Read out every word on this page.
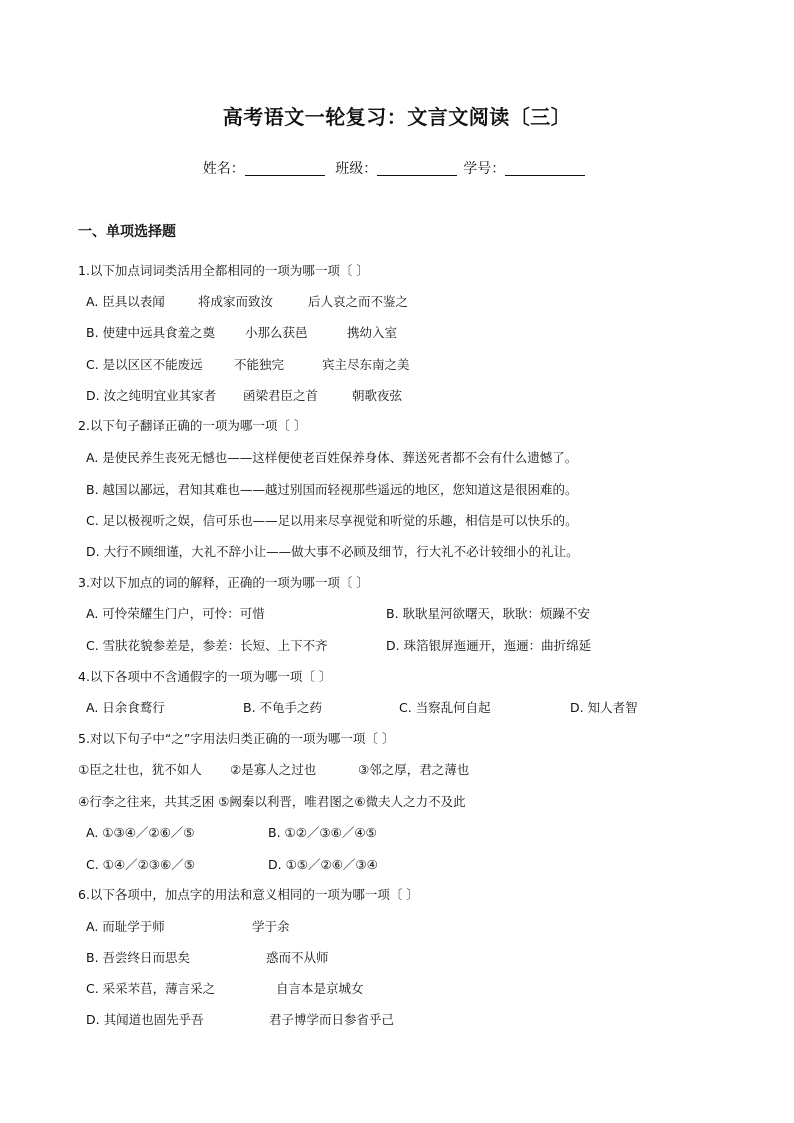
高考语文一轮复习：文言文阅读〔三〕
姓名：	班级：	学号：
一、单项选择题
1.以下加点词词类活用全都相同的一项为哪一项〔 〕
A. 臣具以表闻	将成家而致汝	后人哀之而不鉴之
B. 使建中远具食羞之奠 小那么获邑	携幼入室
C. 是以区区不能废远	不能独完	宾主尽东南之美
D. 汝之纯明宜业其家者 函梁君臣之首	朝歌夜弦
2.以下句子翻译正确的一项为哪一项〔 〕
A. 是使民养生丧死无憾也——这样便使老百姓保养身体、葬送死者都不会有什么遗憾了。
B. 越国以鄙远，君知其难也——越过别国而轻视那些遥远的地区，您知道这是很困难的。
C. 足以极视听之娱，信可乐也——足以用来尽享视觉和听觉的乐趣，相信是可以快乐的。
D. 大行不顾细谨，大礼不辞小让——做大事不必顾及细节，行大礼不必计较细小的礼让。
3.对以下加点的词的解释，正确的一项为哪一项〔 〕
A. 可怜荣耀生门户，可怜：可惜	B. 耿耿星河欲曙天，耿耿：烦躁不安
C. 雪肤花貌参差是，参差：长短、上下不齐	D. 珠箔银屏迤逦开，迤逦：曲折绵延
4.以下各项中不含通假字的一项为哪一项〔 〕
A. 日余食鹜行	B. 不龟手之药	C. 当察乱何自起	D. 知人者智
5.对以下句子中“之”字用法归类正确的一项为哪一项〔 〕
①臣之壮也，犹不如人 ②是寡人之过也	③邻之厚，君之薄也
④行李之往来，共其乏困 ⑤阙秦以利晋，唯君图之⑥微夫人之力不及此
A. ①③④／②⑥／⑤	B. ①②／③⑥／④⑤
C. ①④／②③⑥／⑤	D. ①⑤／②⑥／③④
6.以下各项中，加点字的用法和意义相同的一项为哪一项〔 〕
A. 而耻学于师	学于余
B. 吾尝终日而思矣	惑而不从师
C. 采采芣苢，薄言采之	自言本是京城女
D. 其闻道也固先乎吾	君子博学而日参省乎己
